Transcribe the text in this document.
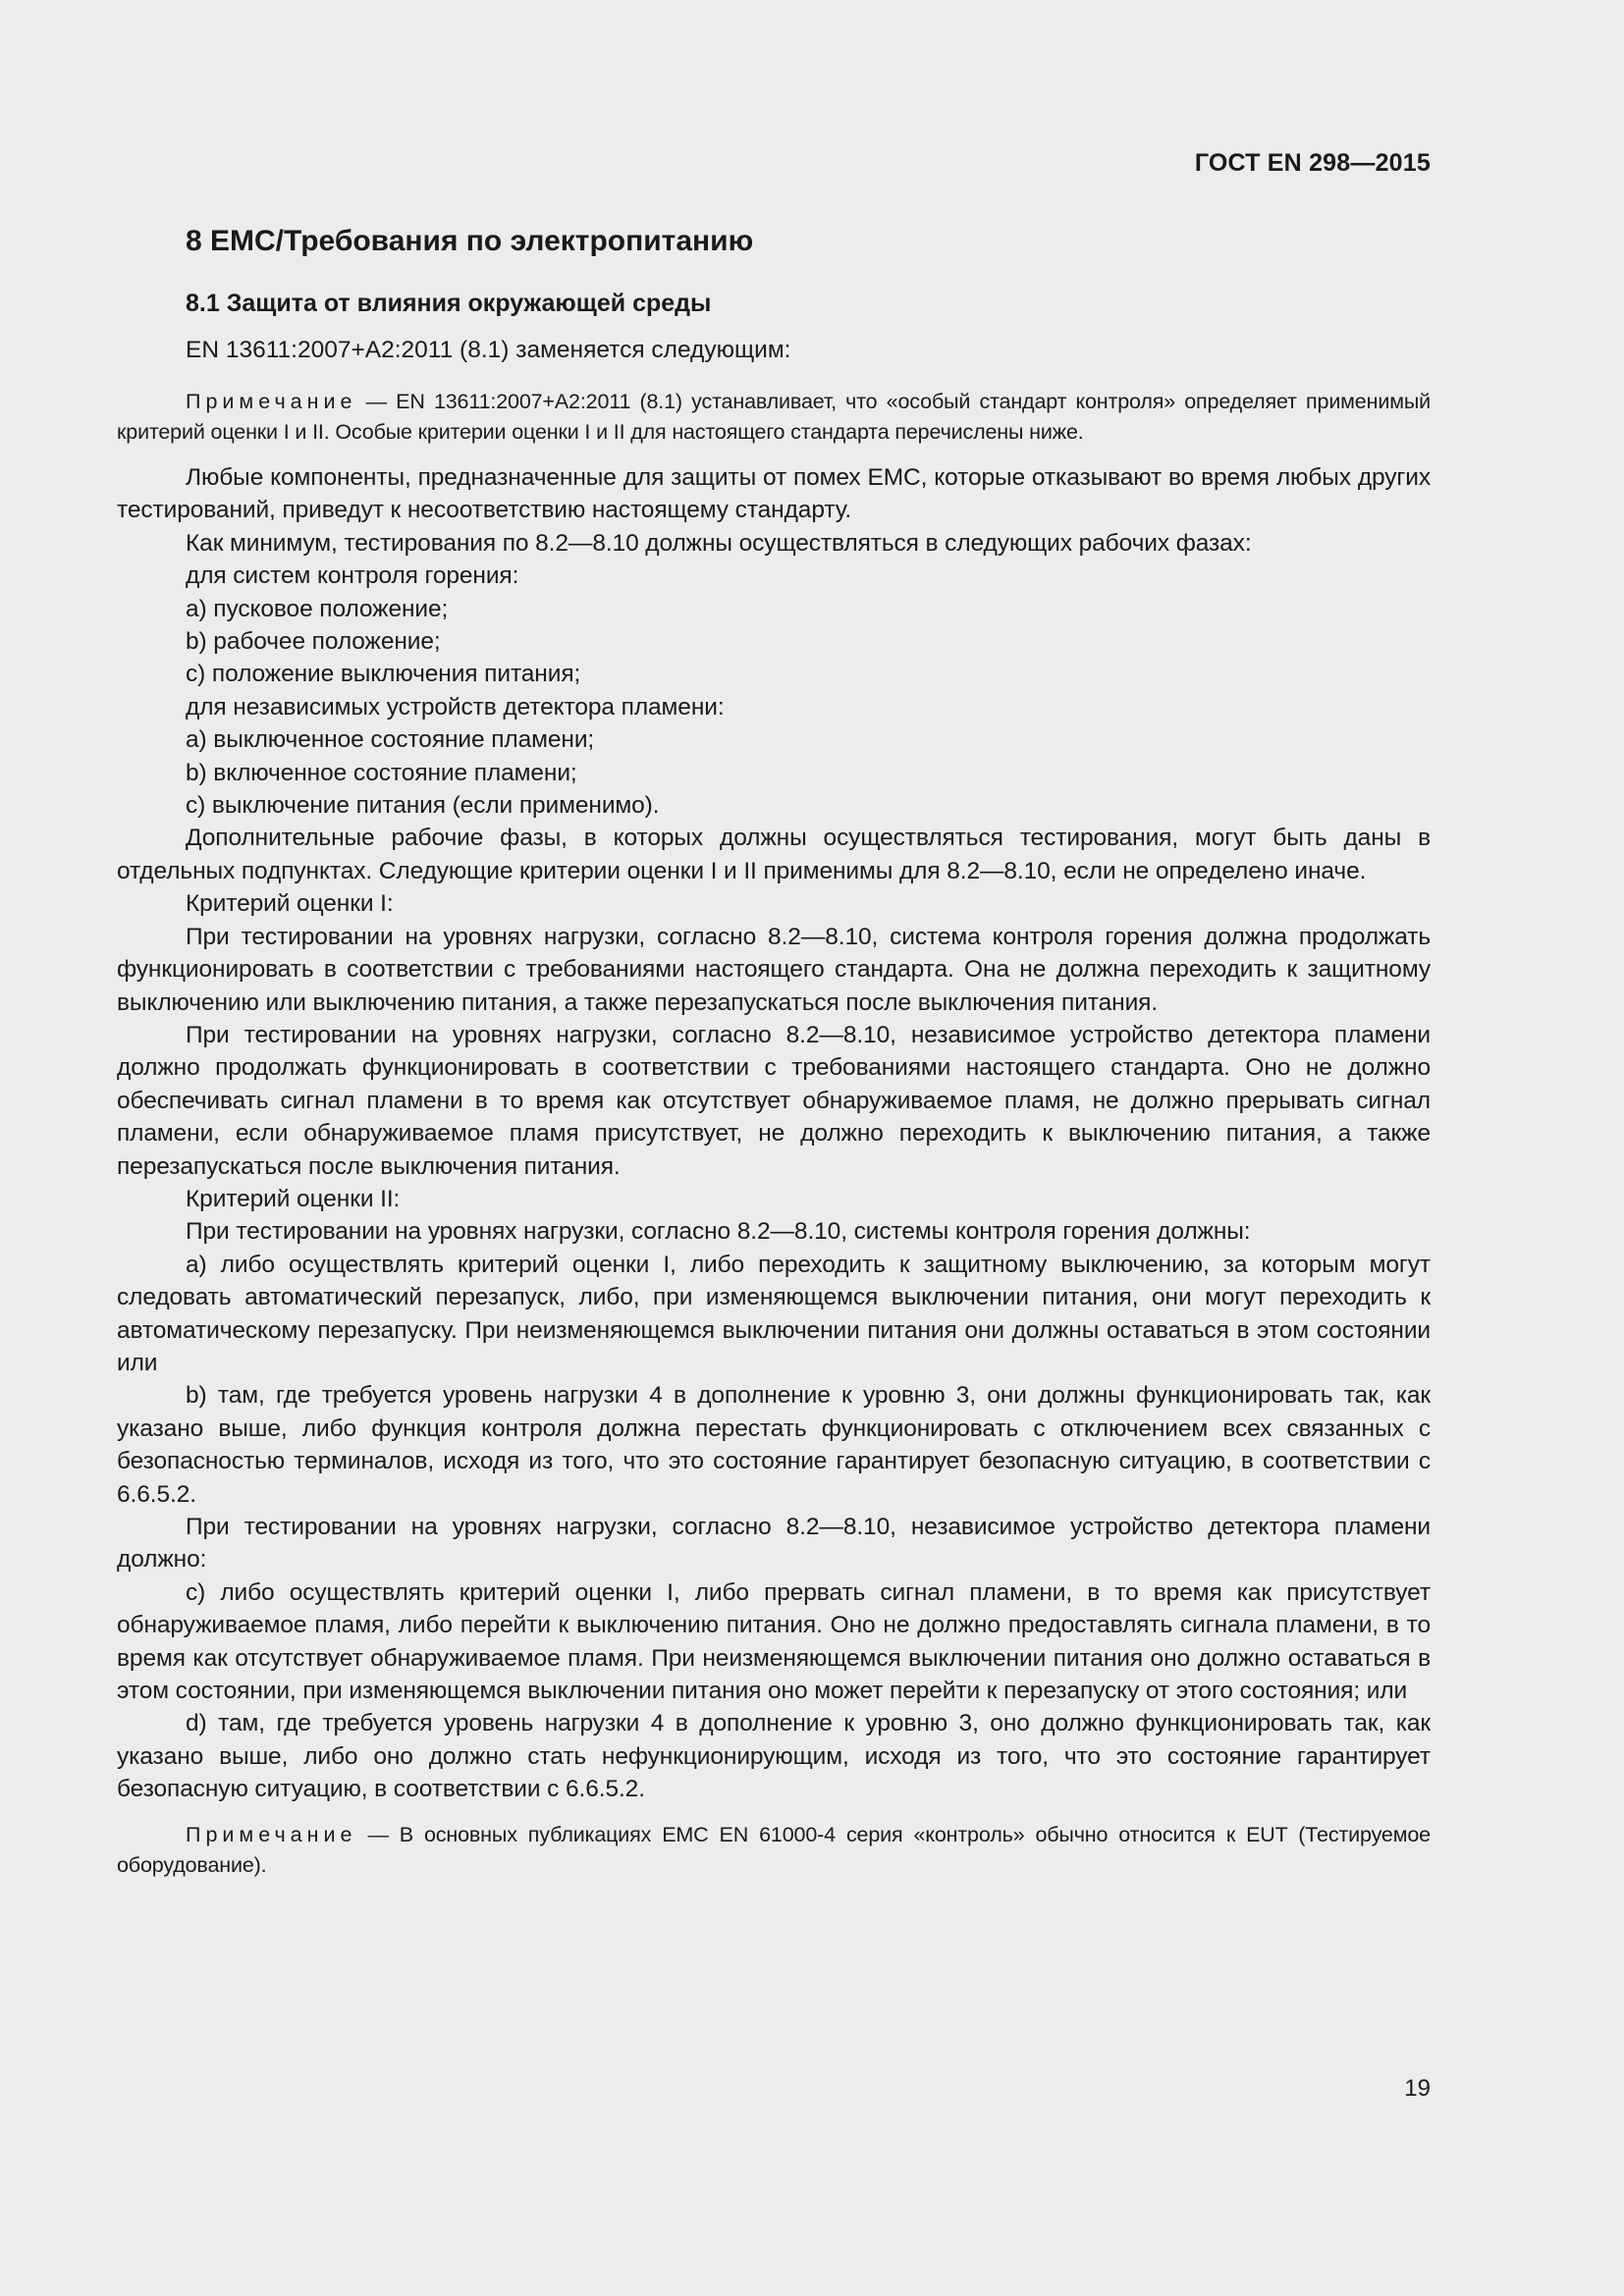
ГОСТ EN 298—2015
8 EMC/Требования по электропитанию
8.1 Защита от влияния окружающей среды
EN 13611:2007+A2:2011 (8.1) заменяется следующим:
Примечание — EN 13611:2007+A2:2011 (8.1) устанавливает, что «особый стандарт контроля» определяет применимый критерий оценки I и II. Особые критерии оценки I и II для настоящего стандарта перечислены ниже.

Любые компоненты, предназначенные для защиты от помех EMC, которые отказывают во время любых других тестирований, приведут к несоответствию настоящему стандарту.

Как минимум, тестирования по 8.2—8.10 должны осуществляться в следующих рабочих фазах:

для систем контроля горения:

a) пусковое положение;

b) рабочее положение;

c) положение выключения питания;

для независимых устройств детектора пламени:

a) выключенное состояние пламени;

b) включенное состояние пламени;

c) выключение питания (если применимо).

Дополнительные рабочие фазы, в которых должны осуществляться тестирования, могут быть даны в отдельных подпунктах. Следующие критерии оценки I и II применимы для 8.2—8.10, если не определено иначе.

Критерий оценки I:

При тестировании на уровнях нагрузки, согласно 8.2—8.10, система контроля горения должна продолжать функционировать в соответствии с требованиями настоящего стандарта. Она не должна переходить к защитному выключению или выключению питания, а также перезапускаться после выключения питания.

При тестировании на уровнях нагрузки, согласно 8.2—8.10, независимое устройство детектора пламени должно продолжать функционировать в соответствии с требованиями настоящего стандарта. Оно не должно обеспечивать сигнал пламени в то время как отсутствует обнаруживаемое пламя, не должно прерывать сигнал пламени, если обнаруживаемое пламя присутствует, не должно переходить к выключению питания, а также перезапускаться после выключения питания.

Критерий оценки II:

При тестировании на уровнях нагрузки, согласно 8.2—8.10, системы контроля горения должны:

a) либо осуществлять критерий оценки I, либо переходить к защитному выключению, за которым могут следовать автоматический перезапуск, либо, при изменяющемся выключении питания, они могут переходить к автоматическому перезапуску. При неизменяющемся выключении питания они должны оставаться в этом состоянии или

b) там, где требуется уровень нагрузки 4 в дополнение к уровню 3, они должны функционировать так, как указано выше, либо функция контроля должна перестать функционировать с отключением всех связанных с безопасностью терминалов, исходя из того, что это состояние гарантирует безопасную ситуацию, в соответствии с 6.6.5.2.

При тестировании на уровнях нагрузки, согласно 8.2—8.10, независимое устройство детектора пламени должно:

c) либо осуществлять критерий оценки I, либо прервать сигнал пламени, в то время как присутствует обнаруживаемое пламя, либо перейти к выключению питания. Оно не должно предоставлять сигнала пламени, в то время как отсутствует обнаруживаемое пламя. При неизменяющемся выключении питания оно должно оставаться в этом состоянии, при изменяющемся выключении питания оно может перейти к перезапуску от этого состояния; или

d) там, где требуется уровень нагрузки 4 в дополнение к уровню 3, оно должно функционировать так, как указано выше, либо оно должно стать нефункционирующим, исходя из того, что это состояние гарантирует безопасную ситуацию, в соответствии с 6.6.5.2.

Примечание — В основных публикациях EMC EN 61000-4 серия «контроль» обычно относится к EUT (Тестируемое оборудование).
19
